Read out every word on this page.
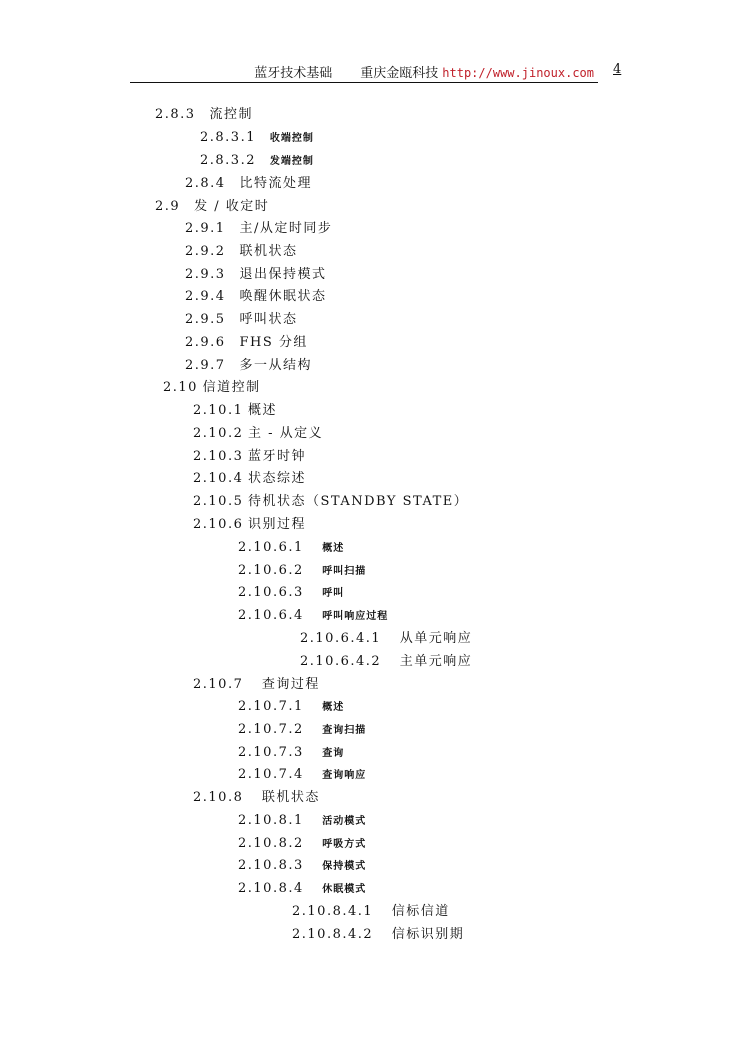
蓝牙技术基础 重庆金瓯科技 http://www.jinoux.com 4
2.8.3 流控制
2.8.3.1 收端控制
2.8.3.2 发端控制
2.8.4 比特流处理
2.9 发 / 收定时
2.9.1 主/从定时同步
2.9.2 联机状态
2.9.3 退出保持模式
2.9.4 唤醒休眠状态
2.9.5 呼叫状态
2.9.6 FHS 分组
2.9.7 多一从结构
2.10 信道控制
2.10.1 概述
2.10.2 主 - 从定义
2.10.3 蓝牙时钟
2.10.4 状态综述
2.10.5 待机状态（STANDBY STATE）
2.10.6 识别过程
2.10.6.1 概述
2.10.6.2 呼叫扫描
2.10.6.3 呼叫
2.10.6.4 呼叫响应过程
2.10.6.4.1 从单元响应
2.10.6.4.2 主单元响应
2.10.7 查询过程
2.10.7.1 概述
2.10.7.2 查询扫描
2.10.7.3 查询
2.10.7.4 查询响应
2.10.8 联机状态
2.10.8.1 活动模式
2.10.8.2 呼吸方式
2.10.8.3 保持模式
2.10.8.4 休眠模式
2.10.8.4.1 信标信道
2.10.8.4.2 信标识别期
